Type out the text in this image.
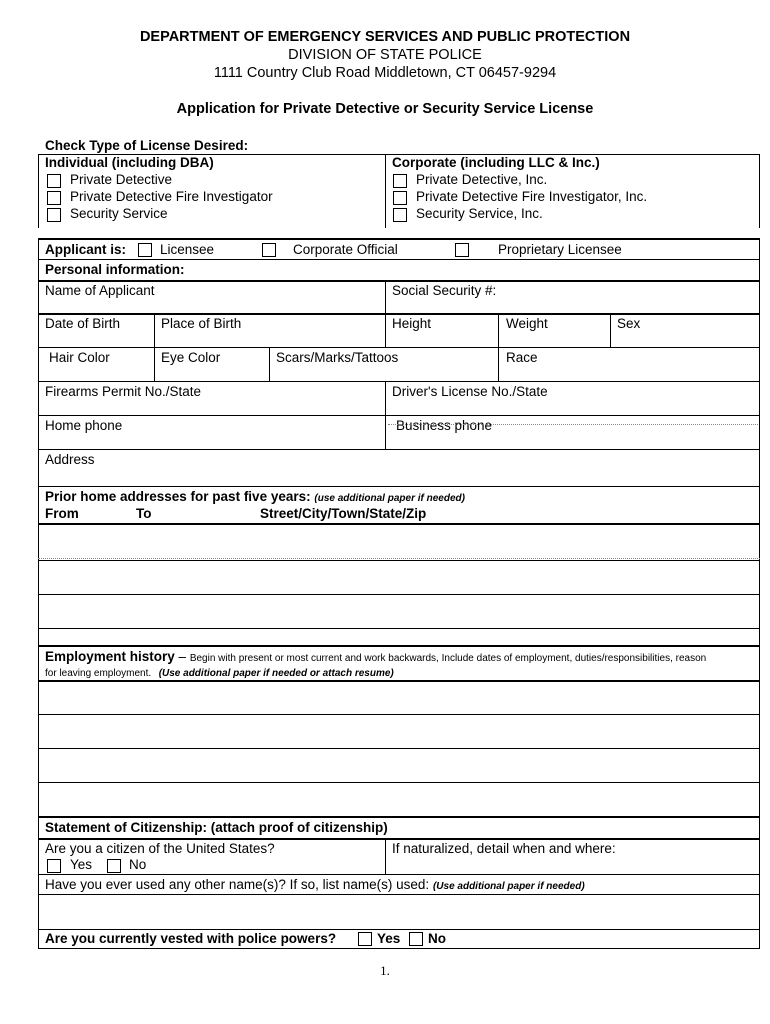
DEPARTMENT OF EMERGENCY SERVICES AND PUBLIC PROTECTION
DIVISION OF STATE POLICE
1111 Country Club Road Middletown, CT 06457-9294
Application for Private Detective or Security Service License
Check Type of License Desired:
Individual (including DBA)
Private Detective
Private Detective Fire Investigator
Security Service
Corporate (including LLC & Inc.)
Private Detective, Inc.
Private Detective Fire Investigator, Inc.
Security Service, Inc.
Applicant is:	Licensee	Corporate Official	Proprietary Licensee
Personal information:
Name of Applicant	Social Security #:
Date of Birth	Place of Birth	Height	Weight	Sex
Hair Color	Eye Color	Scars/Marks/Tattoos	Race
Firearms Permit No./State	Driver's License No./State
Home phone	Business phone
Address
Prior home addresses for past five years: (use additional paper if needed)
From	To	Street/City/Town/State/Zip
Employment history – Begin with present or most current and work backwards, Include dates of employment, duties/responsibilities, reason
for leaving employment. (Use additional paper if needed or attach resume)
Statement of Citizenship: (attach proof of citizenship)
Are you a citizen of the United States?
Yes	No
If naturalized, detail when and where:
Have you ever used any other name(s)? If so, list name(s) used: (Use additional paper if needed)
Are you currently vested with police powers?	Yes No
1.
